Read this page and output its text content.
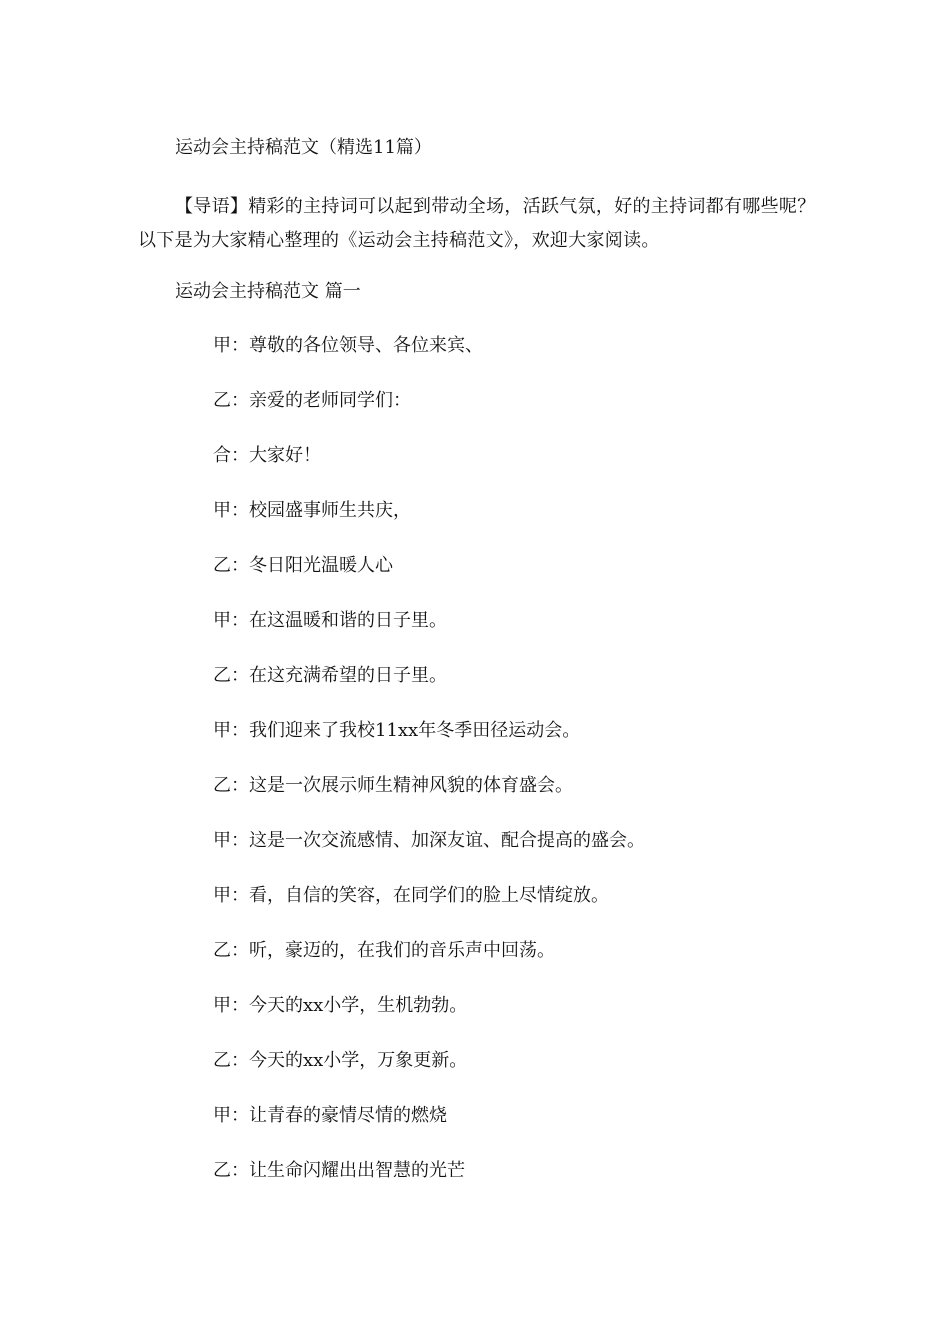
运动会主持稿范文（精选11篇）

【导语】精彩的主持词可以起到带动全场，活跃气氛，好的主持词都有哪些呢？以下是为大家精心整理的《运动会主持稿范文》，欢迎大家阅读。

运动会主持稿范文 篇一
甲：尊敬的各位领导、各位来宾、
乙：亲爱的老师同学们：
合：大家好！
甲：校园盛事师生共庆，
乙：冬日阳光温暖人心
甲：在这温暖和谐的日子里。
乙：在这充满希望的日子里。
甲：我们迎来了我校11xx年冬季田径运动会。
乙：这是一次展示师生精神风貌的体育盛会。
甲：这是一次交流感情、加深友谊、配合提高的盛会。
甲：看，自信的笑容，在同学们的脸上尽情绽放。
乙：听，豪迈的，在我们的音乐声中回荡。
甲：今天的xx小学，生机勃勃。
乙：今天的xx小学，万象更新。
甲：让青春的豪情尽情的燃烧
乙：让生命闪耀出出智慧的光芒
